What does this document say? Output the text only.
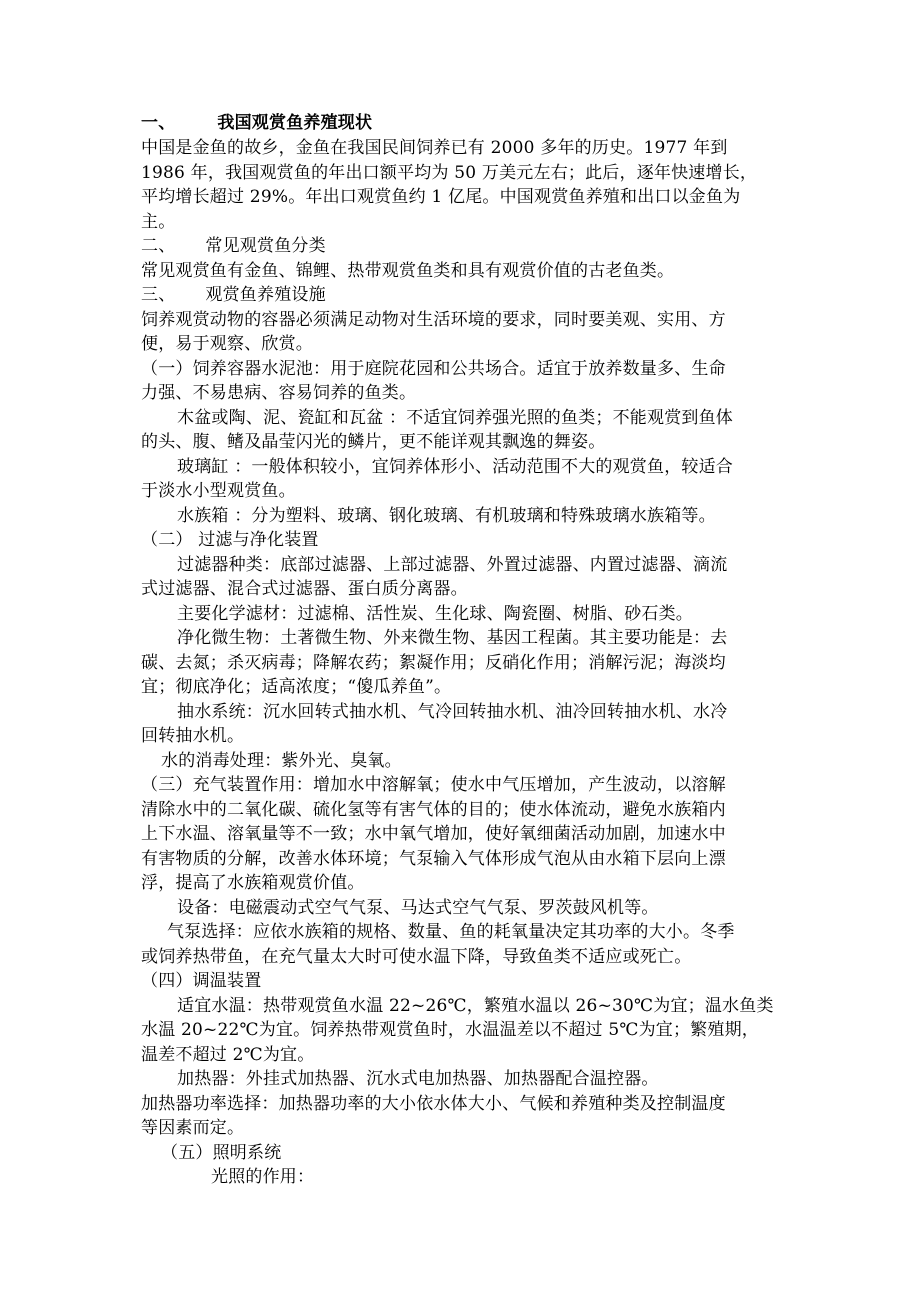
一、 我国观赏鱼养殖现状
中国是金鱼的故乡，金鱼在我国民间饲养已有 2000 多年的历史。1977 年到
1986 年，我国观赏鱼的年出口额平均为 50 万美元左右；此后，逐年快速增长，
平均增长超过 29%。年出口观赏鱼约 1 亿尾。中国观赏鱼养殖和出口以金鱼为
主。
二、 常见观赏鱼分类
常见观赏鱼有金鱼、锦鲤、热带观赏鱼类和具有观赏价值的古老鱼类。
三、 观赏鱼养殖设施
饲养观赏动物的容器必须满足动物对生活环境的要求，同时要美观、实用、方
便，易于观察、欣赏。
（一）饲养容器水泥池：用于庭院花园和公共场合。适宜于放养数量多、生命
力强、不易患病、容易饲养的鱼类。
木盆或陶、泥、瓷缸和瓦盆 ：不适宜饲养强光照的鱼类；不能观赏到鱼体
的头、腹、鳍及晶莹闪光的鳞片，更不能详观其飘逸的舞姿。
玻璃缸 ：一般体积较小，宜饲养体形小、活动范围不大的观赏鱼，较适合
于淡水小型观赏鱼。
水族箱 ：分为塑料、玻璃、钢化玻璃、有机玻璃和特殊玻璃水族箱等。
（二） 过滤与净化装置
过滤器种类：底部过滤器、上部过滤器、外置过滤器、内置过滤器、滴流
式过滤器、混合式过滤器、蛋白质分离器。
主要化学滤材：过滤棉、活性炭、生化球、陶瓷圈、树脂、砂石类。
净化微生物：土著微生物、外来微生物、基因工程菌。其主要功能是：去
碳、去氮；杀灭病毒；降解农药；絮凝作用；反硝化作用；消解污泥；海淡均
宜；彻底净化；适高浓度；“傻瓜养鱼”。
抽水系统：沉水回转式抽水机、气冷回转抽水机、油冷回转抽水机、水冷
回转抽水机。
水的消毒处理：紫外光、臭氧。
（三）充气装置作用：增加水中溶解氧；使水中气压增加，产生波动，以溶解
清除水中的二氧化碳、硫化氢等有害气体的目的；使水体流动，避免水族箱内
上下水温、溶氧量等不一致；水中氧气增加，使好氧细菌活动加剧，加速水中
有害物质的分解，改善水体环境；气泵输入气体形成气泡从由水箱下层向上漂
浮，提高了水族箱观赏价值。
设备：电磁震动式空气气泵、马达式空气气泵、罗茨鼓风机等。
气泵选择：应依水族箱的规格、数量、鱼的耗氧量决定其功率的大小。冬季
或饲养热带鱼，在充气量太大时可使水温下降，导致鱼类不适应或死亡。
（四）调温装置
适宜水温：热带观赏鱼水温 22~26℃，繁殖水温以 26~30℃为宜；温水鱼类
水温 20~22℃为宜。饲养热带观赏鱼时，水温温差以不超过 5℃为宜；繁殖期，
温差不超过 2℃为宜。
加热器：外挂式加热器、沉水式电加热器、加热器配合温控器。
加热器功率选择：加热器功率的大小依水体大小、气候和养殖种类及控制温度
等因素而定。
（五）照明系统
光照的作用：
